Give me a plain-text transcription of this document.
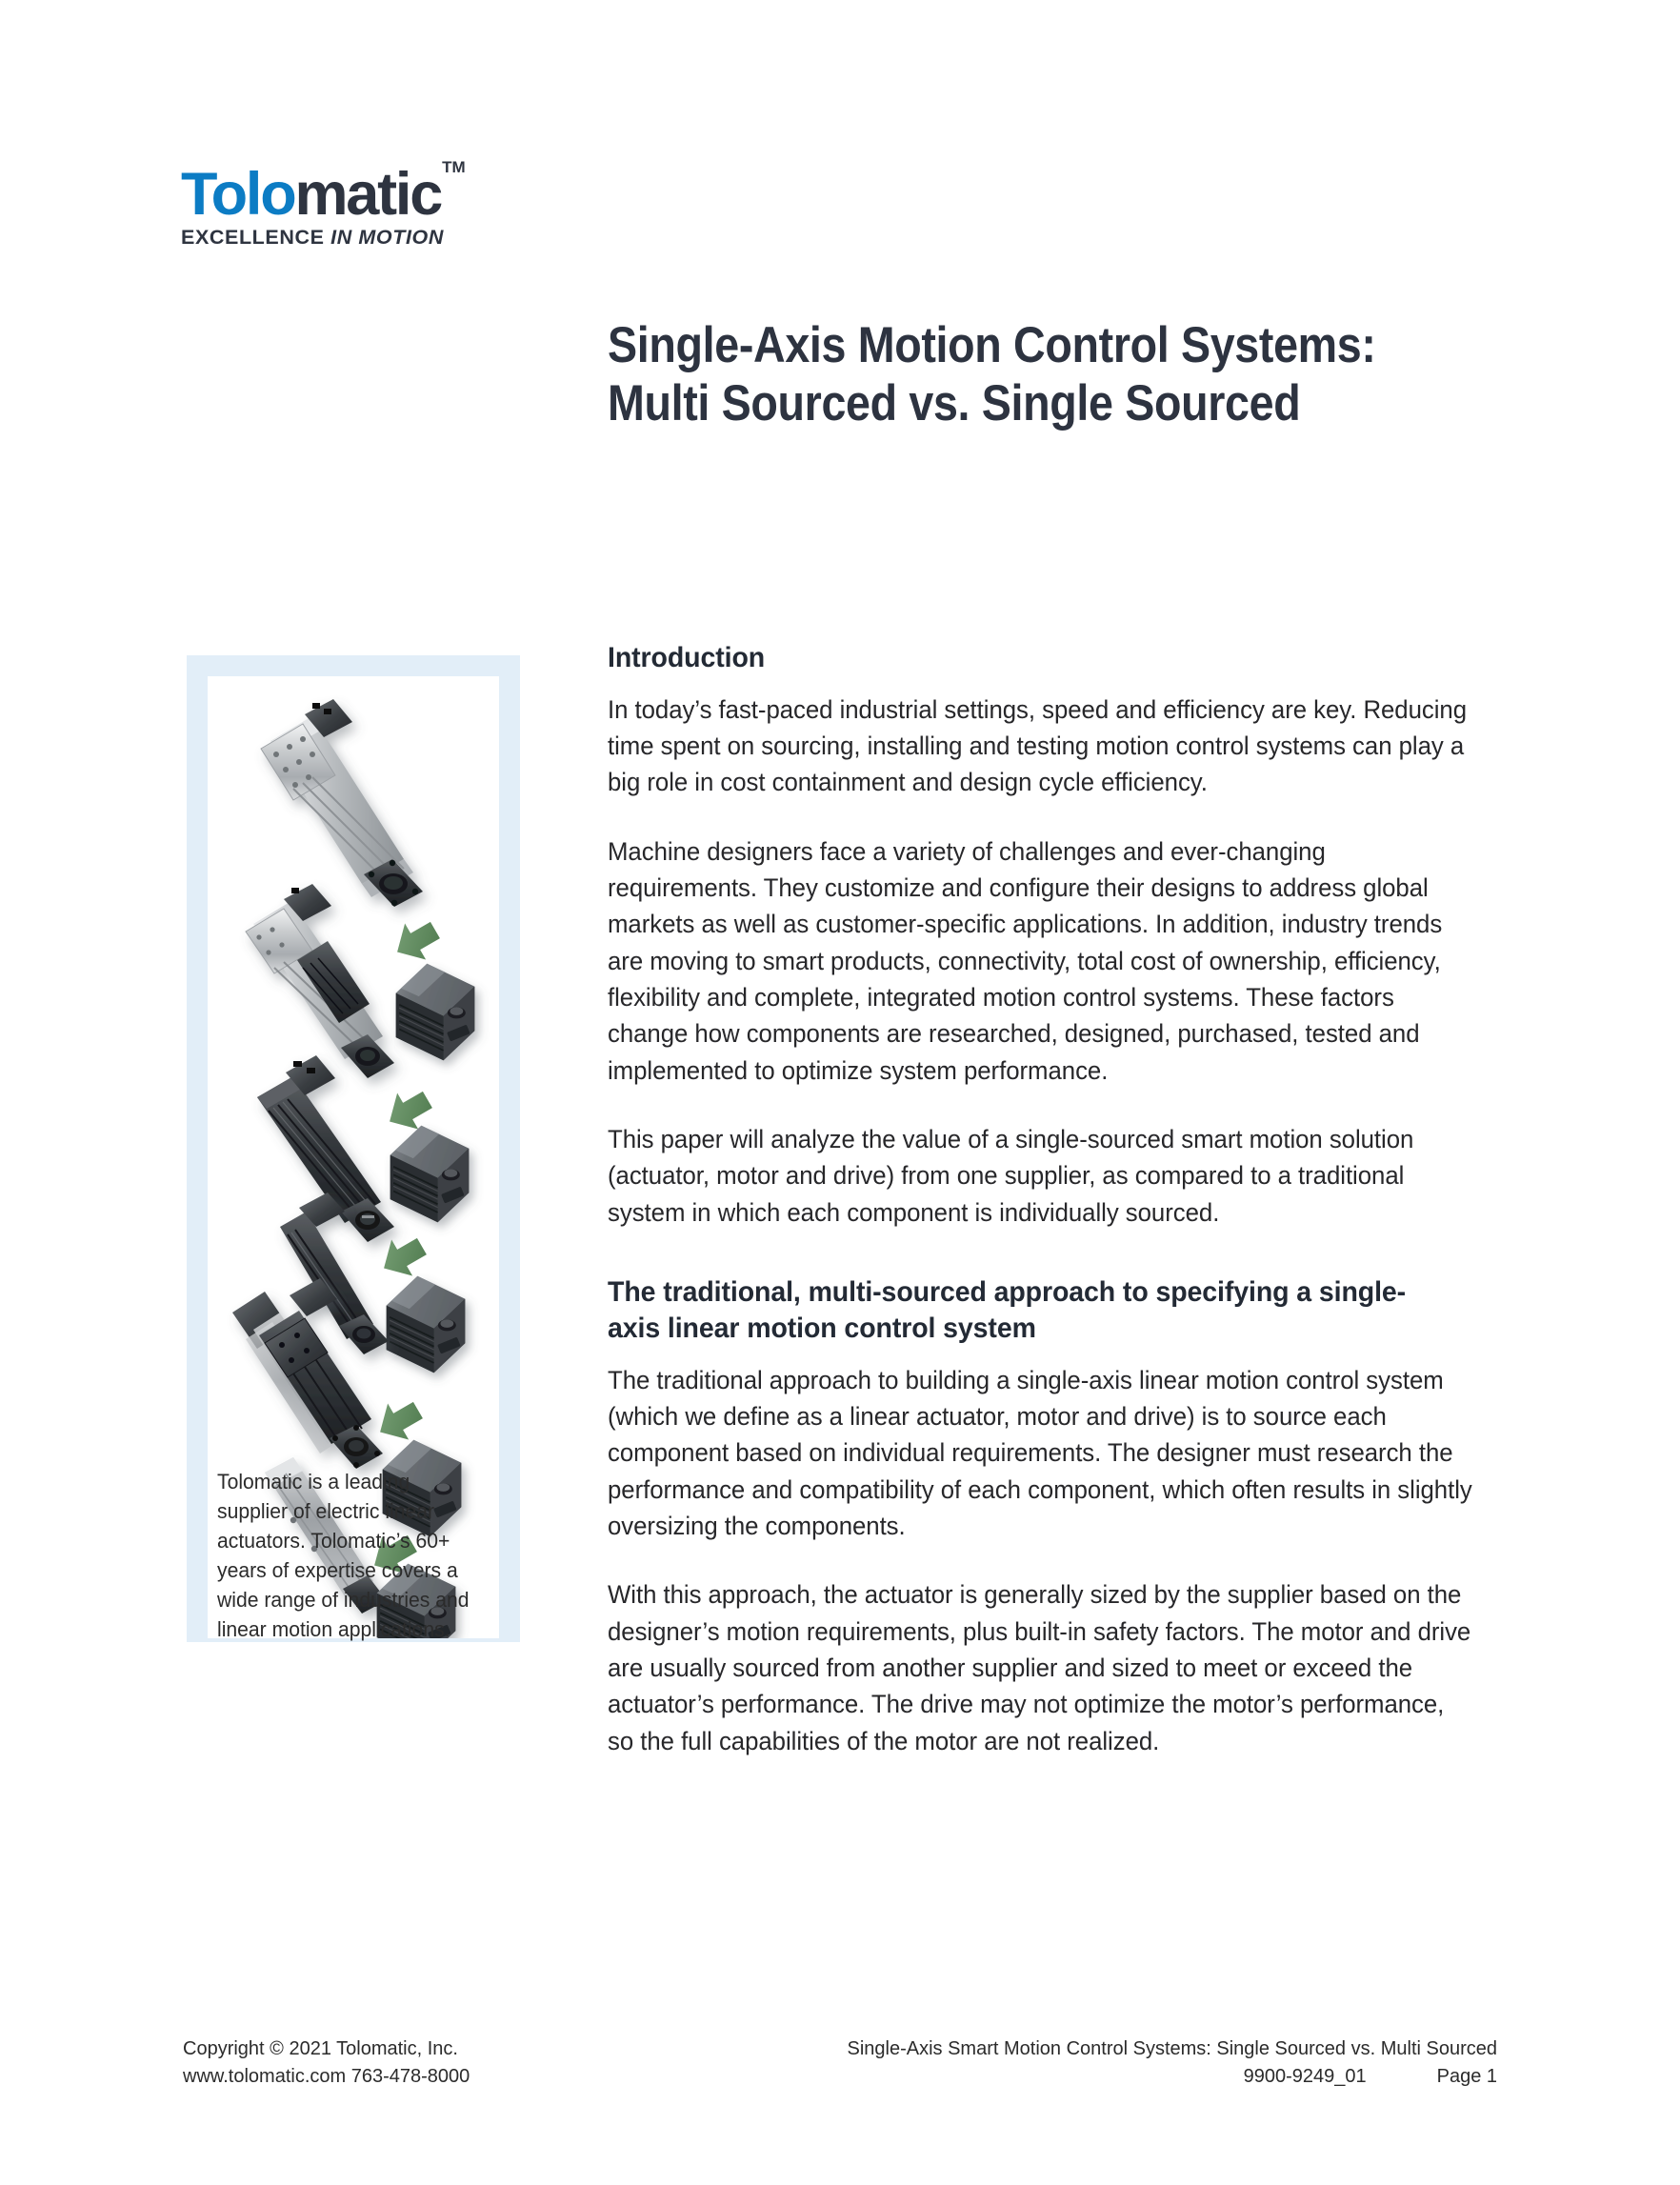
Tolomatic™
EXCELLENCE IN MOTION
Single-Axis Motion Control Systems:
Multi Sourced vs. Single Sourced
Tolomatic is a leading supplier of electric linear actuators. Tolomatic’s 60+ years of expertise covers a wide range of industries and linear motion applications.
Introduction

In today’s fast-paced industrial settings, speed and efficiency are key. Reducing time spent on sourcing, installing and testing motion control systems can play a big role in cost containment and design cycle efficiency.

Machine designers face a variety of challenges and ever-changing requirements. They customize and configure their designs to address global markets as well as customer-specific applications. In addition, industry trends are moving to smart products, connectivity, total cost of ownership, efficiency, flexibility and complete, integrated motion control systems. These factors change how components are researched, designed, purchased, tested and implemented to optimize system performance.

This paper will analyze the value of a single-sourced smart motion solution (actuator, motor and drive) from one supplier, as compared to a traditional system in which each component is individually sourced.

The traditional, multi-sourced approach to specifying a single-axis linear motion control system

The traditional approach to building a single-axis linear motion control system (which we define as a linear actuator, motor and drive) is to source each component based on individual requirements. The designer must research the performance and compatibility of each component, which often results in slightly oversizing the components.

With this approach, the actuator is generally sized by the supplier based on the designer’s motion requirements, plus built-in safety factors. The motor and drive are usually sourced from another supplier and sized to meet or exceed the actuator’s performance. The drive may not optimize the motor’s performance, so the full capabilities of the motor are not realized.

Copyright © 2021 Tolomatic, Inc.
www.tolomatic.com 763-478-8000
Single-Axis Smart Motion Control Systems: Single Sourced vs. Multi Sourced
9900-9249_01	Page 1
